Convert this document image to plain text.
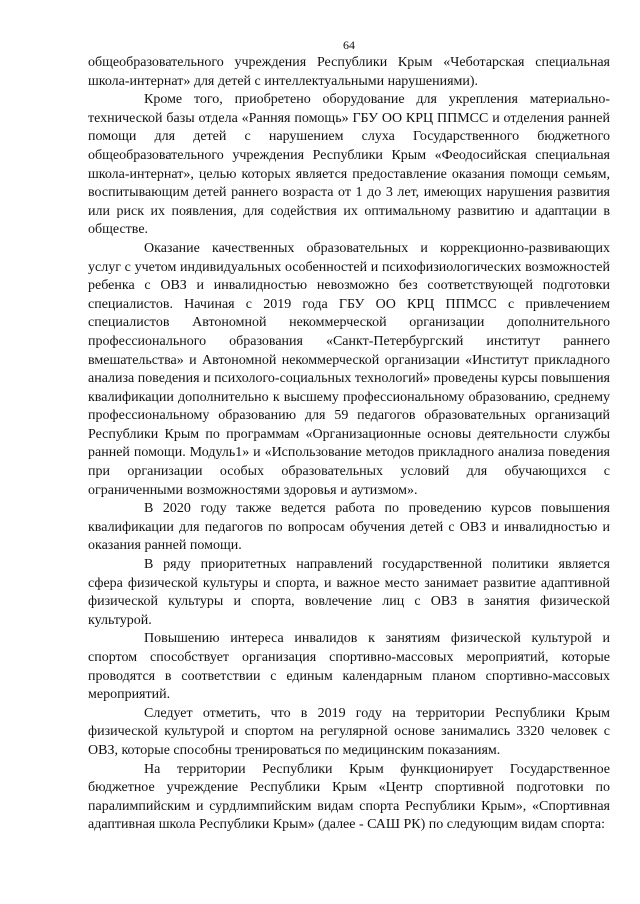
64

общеобразовательного учреждения Республики Крым «Чеботарская специальная школа-интернат» для детей с интеллектуальными нарушениями).

Кроме того, приобретено оборудование для укрепления материально-технической базы отдела «Ранняя помощь» ГБУ ОО КРЦ ППМСС и отделения ранней помощи для детей с нарушением слуха Государственного бюджетного общеобразовательного учреждения Республики Крым «Феодосийская специальная школа-интернат», целью которых является предоставление оказания помощи семьям, воспитывающим детей раннего возраста от 1 до 3 лет, имеющих нарушения развития или риск их появления, для содействия их оптимальному развитию и адаптации в обществе.

Оказание качественных образовательных и коррекционно-развивающих услуг с учетом индивидуальных особенностей и психофизиологических возможностей ребенка с ОВЗ и инвалидностью невозможно без соответствующей подготовки специалистов. Начиная с 2019 года ГБУ ОО КРЦ ППМСС с привлечением специалистов Автономной некоммерческой организации дополнительного профессионального образования «Санкт-Петербургский институт раннего вмешательства» и Автономной некоммерческой организации «Институт прикладного анализа поведения и психолого-социальных технологий» проведены курсы повышения квалификации дополнительно к высшему профессиональному образованию, среднему профессиональному образованию для 59 педагогов образовательных организаций Республики Крым по программам «Организационные основы деятельности службы ранней помощи. Модуль1» и «Использование методов прикладного анализа поведения при организации особых образовательных условий для обучающихся с ограниченными возможностями здоровья и аутизмом».

В 2020 году также ведется работа по проведению курсов повышения квалификации для педагогов по вопросам обучения детей с ОВЗ и инвалидностью и оказания ранней помощи.

В ряду приоритетных направлений государственной политики является сфера физической культуры и спорта, и важное место занимает развитие адаптивной физической культуры и спорта, вовлечение лиц с ОВЗ в занятия физической культурой.

Повышению интереса инвалидов к занятиям физической культурой и спортом способствует организация спортивно-массовых мероприятий, которые проводятся в соответствии с единым календарным планом спортивно-массовых мероприятий.

Следует отметить, что в 2019 году на территории Республики Крым физической культурой и спортом на регулярной основе занимались 3320 человек с ОВЗ, которые способны тренироваться по медицинским показаниям.

На территории Республики Крым функционирует Государственное бюджетное учреждение Республики Крым «Центр спортивной подготовки по паралимпийским и сурдлимпийским видам спорта Республики Крым», «Спортивная адаптивная школа Республики Крым» (далее - САШ РК) по следующим видам спорта:
